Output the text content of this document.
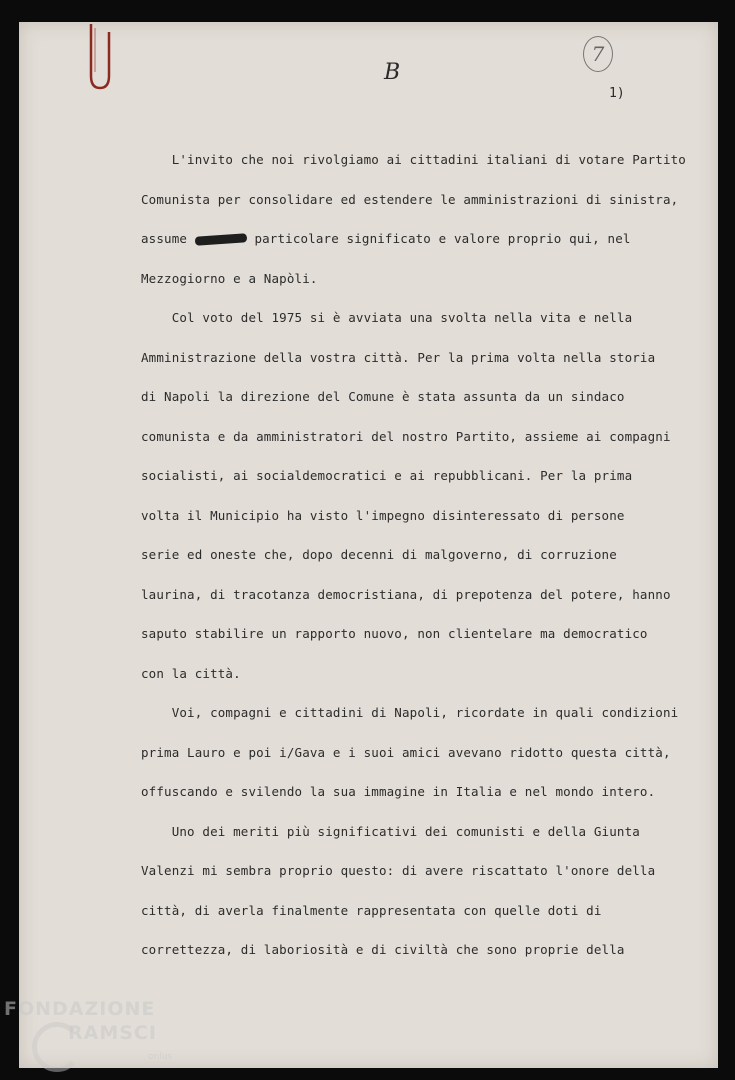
B
7
1)
L'invito che noi rivolgiamo ai cittadini italiani di votare Partito
Comunista per consolidare ed estendere le amministrazioni di sinistra,
assume	particolare significato e valore proprio qui, nel
Mezzogiorno e a Napòli.
Col voto del 1975 si è avviata una svolta nella vita e nella
Amministrazione della vostra città. Per la prima volta nella storia
di Napoli la direzione del Comune è stata assunta da un sindaco
comunista e da amministratori del nostro Partito, assieme ai compagni
socialisti, ai socialdemocratici e ai repubblicani. Per la prima
volta il Municipio ha visto l'impegno disinteressato di persone
serie ed oneste che, dopo decenni di malgoverno, di corruzione
laurina, di tracotanza democristiana, di prepotenza del potere, hanno
saputo stabilire un rapporto nuovo, non clientelare ma democratico
con la città.
Voi, compagni e cittadini di Napoli, ricordate in quali condizioni
prima Lauro e poi i/Gava e i suoi amici avevano ridotto questa città,
offuscando e svilendo la sua immagine in Italia e nel mondo intero.
Uno dei meriti più significativi dei comunisti e della Giunta
Valenzi mi sembra proprio questo: di avere riscattato l'onore della
città, di averla finalmente rappresentata con quelle doti di
correttezza, di laboriosità e di civiltà che sono proprie della
FONDAZIONE
RAMSCI
onlus
